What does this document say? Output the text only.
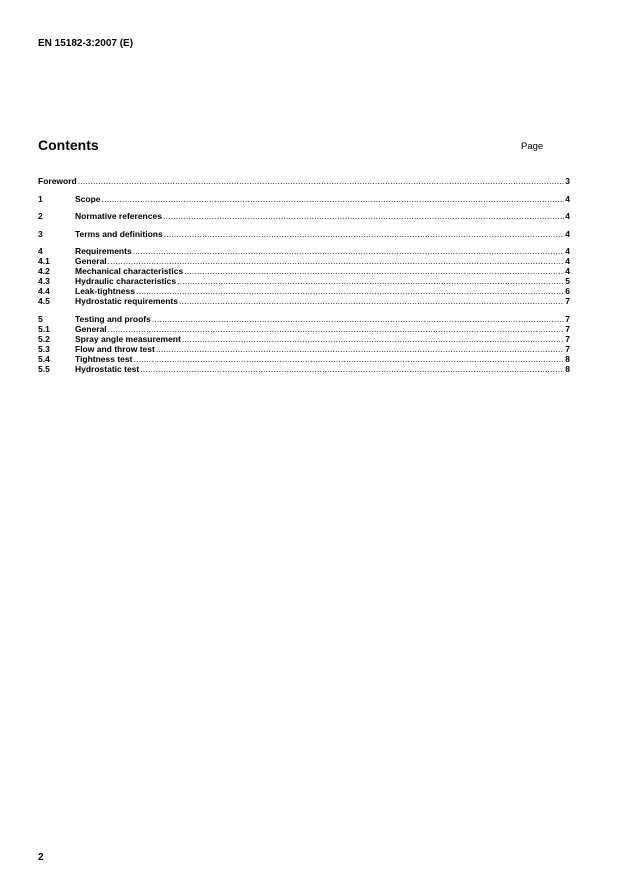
EN 15182-3:2007 (E)
Contents	Page
Foreword .....	3
1	Scope .....	4
2	Normative references .....	4
3	Terms and definitions .....	4
4	Requirements .....	4
4.1	General .....	4
4.2	Mechanical characteristics .....	4
4.3	Hydraulic characteristics .....	5
4.4	Leak-tightness .....	6
4.5	Hydrostatic requirements .....	7
5	Testing and proofs .....	7
5.1	General .....	7
5.2	Spray angle measurement .....	7
5.3	Flow and throw test .....	7
5.4	Tightness test .....	8
5.5	Hydrostatic test .....	8
2
